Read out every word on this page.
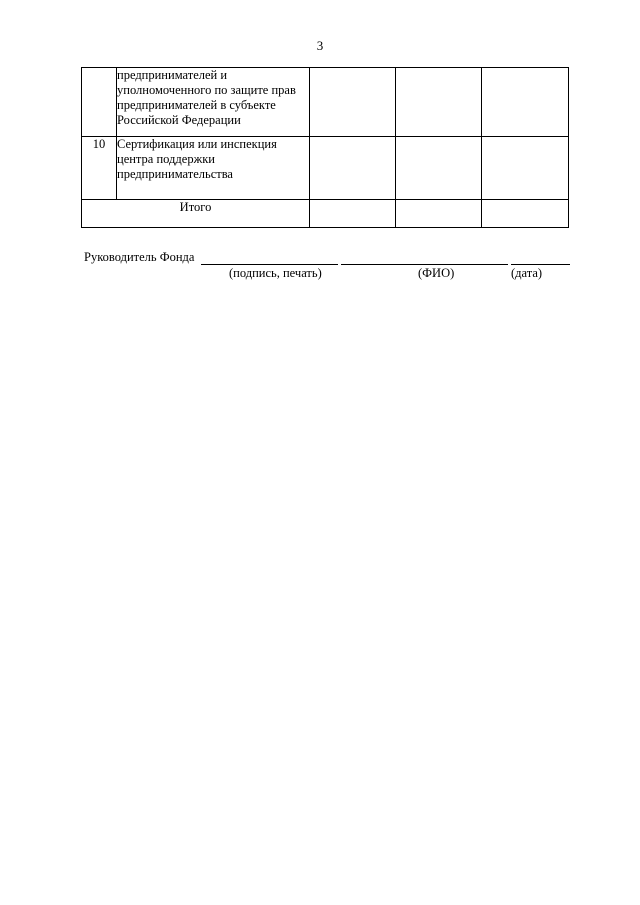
3

	предпринимателей и
уполномоченного по защите прав
предпринимателей в субъекте
Российской Федерации			

10	Сертификация или инспекция
центра поддержки
предпринимательства			

Итого				
Руководитель Фонда
(подпись, печать)	(ФИО)	(дата)
